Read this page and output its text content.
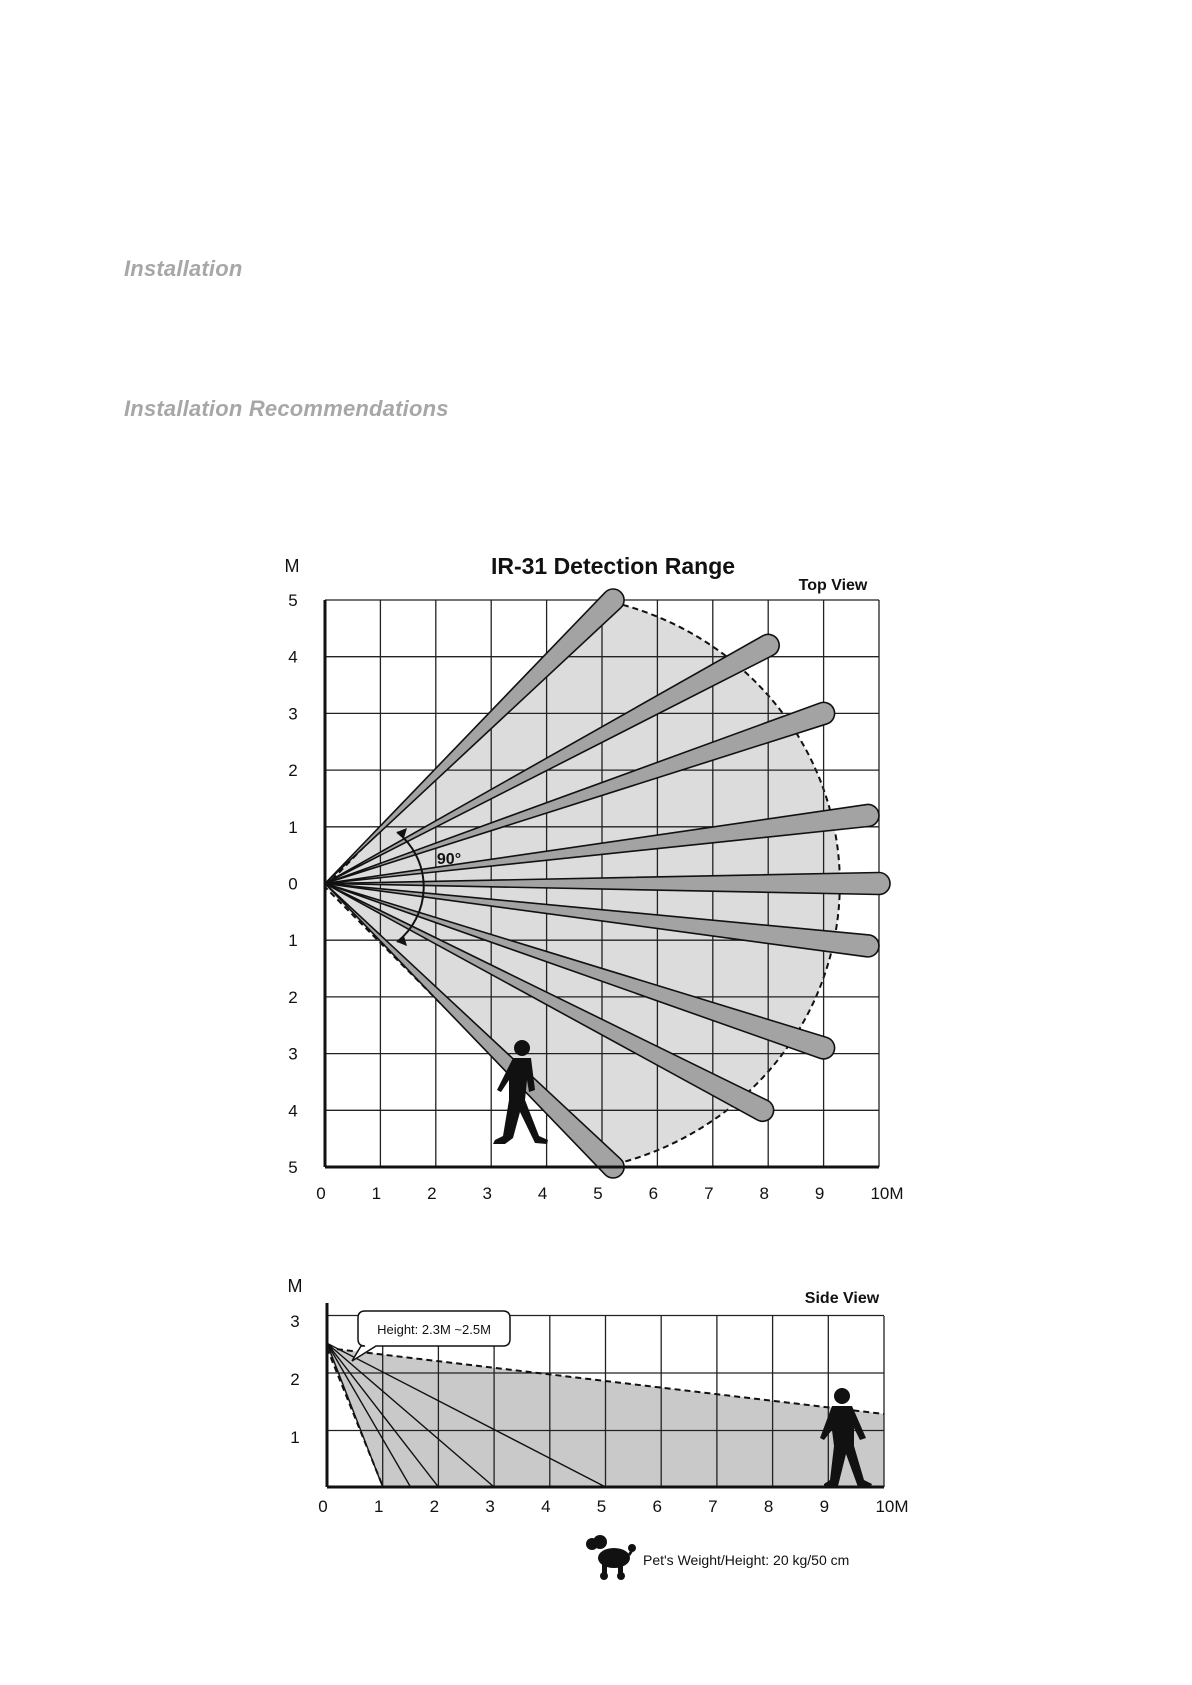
Installation
Installation Recommendations
IR-31 Detection Range
Top View
M
5
4
3
2
1
0
1
2
3
4
5
0	1	2	3	4	5	6	7	8	9	10M
90°
Side View
M
3
2
1
0	1	2	3	4	5	6	7	8	9	10M
Height: 2.3M ~2.5M
Pet's Weight/Height: 20 kg/50 cm
